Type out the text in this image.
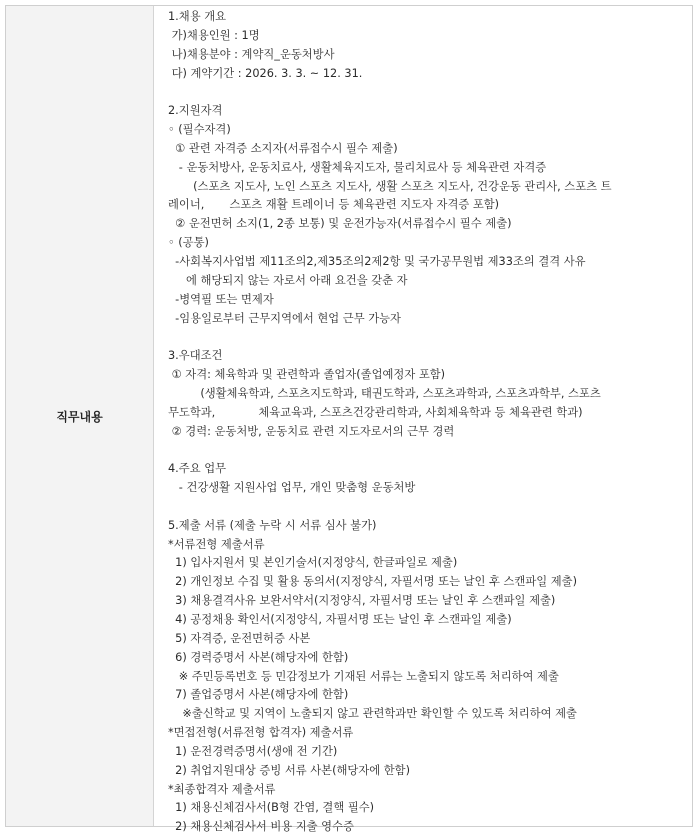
직무내용
1.채용 개요
가)채용인원 : 1명
나)채용분야 : 계약직_운동처방사
다) 계약기간 : 2026. 3. 3. ~ 12. 31.
2.지원자격
◦ (필수자격)
① 관련 자격증 소지자(서류접수시 필수 제출)
- 운동처방사, 운동치료사, 생활체육지도자, 물리치료사 등 체육관련 자격증
(스포츠 지도사, 노인 스포츠 지도사, 생활 스포츠 지도사, 건강운동 관리사, 스포츠 트
레이너,       스포츠 재활 트레이너 등 체육관련 지도자 자격증 포함)
② 운전면허 소지(1, 2종 보통) 및 운전가능자(서류접수시 필수 제출)
◦ (공통)
-사회복지사업법 제11조의2,제35조의2제2항 및 국가공무원법 제33조의 결격 사유
에 해당되지 않는 자로서 아래 요건을 갖춘 자
-병역필 또는 면제자
-임용일로부터 근무지역에서 현업 근무 가능자
3.우대조건
① 자격: 체육학과 및 관련학과 졸업자(졸업예정자 포함)
(생활체육학과, 스포츠지도학과, 태권도학과, 스포츠과학과, 스포츠과학부, 스포츠
무도학과,            체육교육과, 스포츠건강관리학과, 사회체육학과 등 체육관련 학과)
② 경력: 운동처방, 운동치료 관련 지도자로서의 근무 경력
4.주요 업무
- 건강생활 지원사업 업무, 개인 맞춤형 운동처방
5.제출 서류 (제출 누락 시 서류 심사 불가)
*서류전형 제출서류
1) 입사지원서 및 본인기술서(지정양식, 한글파일로 제출)
2) 개인정보 수집 및 활용 동의서(지정양식, 자필서명 또는 날인 후 스캔파일 제출)
3) 채용결격사유 보완서약서(지정양식, 자필서명 또는 날인 후 스캔파일 제출)
4) 공정채용 확인서(지정양식, 자필서명 또는 날인 후 스캔파일 제출)
5) 자격증, 운전면허증 사본
6) 경력증명서 사본(해당자에 한함)
※ 주민등록번호 등 민감정보가 기재된 서류는 노출되지 않도록 처리하여 제출
7) 졸업증명서 사본(해당자에 한함)
※출신학교 및 지역이 노출되지 않고 관련학과만 확인할 수 있도록 처리하여 제출
*면접전형(서류전형 합격자) 제출서류
1) 운전경력증명서(생애 전 기간)
2) 취업지원대상 증빙 서류 사본(해당자에 한함)
*최종합격자 제출서류
1) 채용신체검사서(B형 간염, 결핵 필수)
2) 채용신체검사서 비용 지출 영수증
